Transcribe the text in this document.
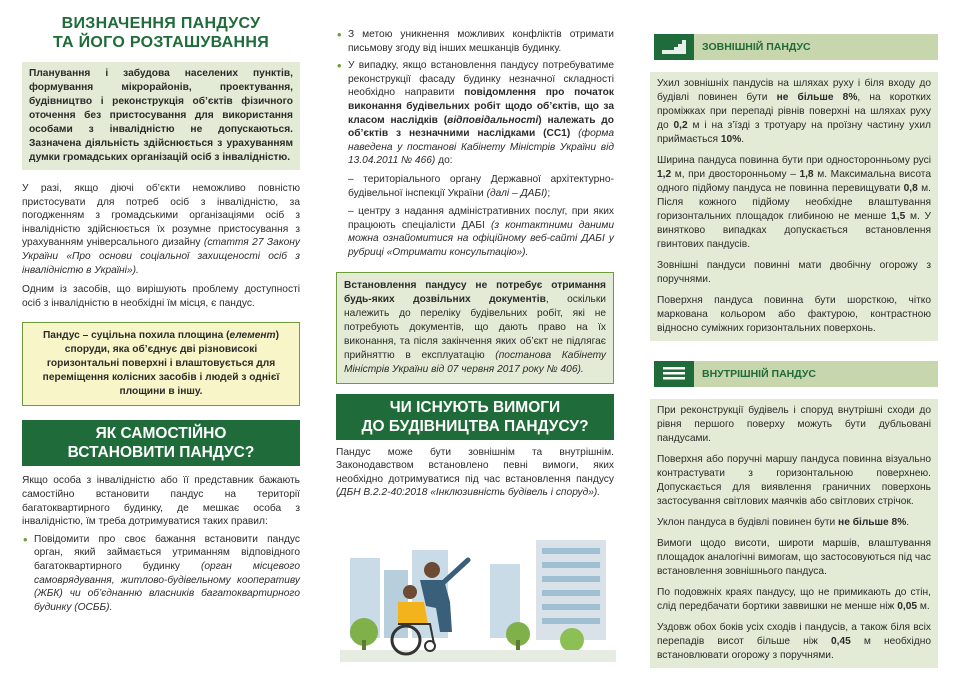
ВИЗНАЧЕННЯ ПАНДУСУ
ТА ЙОГО РОЗТАШУВАННЯ

Планування і забудова населених пунктів, формування мікрорайонів, проектування, будівництво і реконструкція об’єктів фізичного оточення без пристосування для використання особами з інвалідністю не допускаються. Зазначена діяльність здійснюється з урахуванням думки громадських організацій осіб з інвалідністю.

У разі, якщо діючі об’єкти неможливо повністю пристосувати для потреб осіб з інвалідністю, за погодженням з громадськими організаціями осіб з інвалідністю здійснюється їх розумне пристосування з урахуванням універсального дизайну (стаття 27 Закону України «Про основи соціальної захищеності осіб з інвалідністю в Україні»).

Одним із засобів, що вирішують проблему доступності осіб з інвалідністю в необхідні їм місця, є пандус.

Пандус – суцільна похила площина (елемент) споруди, яка об’єднує дві різновисокі горизонтальні поверхні і влаштовується для переміщення колісних засобів і людей з однієї площини в іншу.

ЯК САМОСТІЙНО
ВСТАНОВИТИ ПАНДУС?

Якщо особа з інвалідністю або її представник бажають самостійно встановити пандус на території багатоквартирного будинку, де мешкає особа з інвалідністю, їм треба дотримуватися таких правил:

• Повідомити про своє бажання встановити пандус орган, який займається утриманням відповідного багатоквартирного будинку (орган місцевого самоврядування, житлово-будівельному кооперативу (ЖБК) чи об’єднанню власників багатоквартирного будинку (ОСББ).
• З метою уникнення можливих конфліктів отримати письмову згоду від інших мешканців будинку.
• У випадку, якщо встановлення пандусу потребуватиме реконструкції фасаду будинку незначної складності необхідно направити повідомлення про початок виконання будівельних робіт щодо об’єктів, що за класом наслідків (відповідальності) належать до об’єктів з незначними наслідками (СС1) (форма наведена у постанові Кабінету Міністрів України від 13.04.2011 № 466) до:

– територіального органу Державної архітектурно-будівельної інспекції України (далі – ДАБІ);

– центру з надання адміністративних послуг, при яких працюють спеціалісти ДАБІ (з контактними даними можна ознайомитися на офіційному веб-сайті ДАБІ у рубриці «Отримати консультацію»).

Встановлення пандусу не потребує отримання будь-яких дозвільних документів, оскільки належить до переліку будівельних робіт, які не потребують документів, що дають право на їх виконання, та після закінчення яких об’єкт не підлягає прийняттю в експлуатацію (постанова Кабінету Міністрів України від 07 червня 2017 року № 406).

ЧИ ІСНУЮТЬ ВИМОГИ
ДО БУДІВНИЦТВА ПАНДУСУ?

Пандус може бути зовнішнім та внутрішнім. Законодавством встановлено певні вимоги, яких необхідно дотримуватися під час встановлення пандусу (ДБН В.2.2-40:2018 «Інклюзивність будівель і споруд»).

ЗОВНІШНІЙ ПАНДУС

Ухил зовнішніх пандусів на шляхах руху і біля входу до будівлі повинен бути не більше 8%, на коротких проміжках при перепаді рівнів поверхні на шляхах руху до 0,2 м і на з’їзді з тротуару на проїзну частину ухил приймається 10%.

Ширина пандуса повинна бути при односторонньому русі 1,2 м, при двосторонньому – 1,8 м. Максимальна висота одного підйому пандуса не повинна перевищувати 0,8 м. Після кожного підйому необхідне влаштування горизонтальних площадок глибиною не менше 1,5 м. У винятково випадках допускається встановлення гвинтових пандусів.

Зовнішні пандуси повинні мати двобічну огорожу з поручнями.

Поверхня пандуса повинна бути шорсткою, чітко маркована кольором або фактурою, контрастною відносно суміжних горизонтальних поверхонь.

ВНУТРІШНІЙ ПАНДУС

При реконструкції будівель і споруд внутрішні сходи до рівня першого поверху можуть бути дубльовані пандусами.

Поверхня або поручні маршу пандуса повинна візуально контрастувати з горизонтальною поверхнею. Допускається для виявлення граничних поверхонь застосування світлових маячків або світлових стрічок.

Уклон пандуса в будівлі повинен бути не більше 8%.

Вимоги щодо висоти, широти маршів, влаштування площадок аналогічні вимогам, що застосовуються під час встановлення зовнішнього пандуса.

По подовжніх краях пандусу, що не примикають до стін, слід передбачати бортики заввишки не менше ніж 0,05 м.

Уздовж обох боків усіх сходів і пандусів, а також біля всіх перепадів висот більше ніж 0,45 м необхідно встановлювати огорожу з поручнями.
